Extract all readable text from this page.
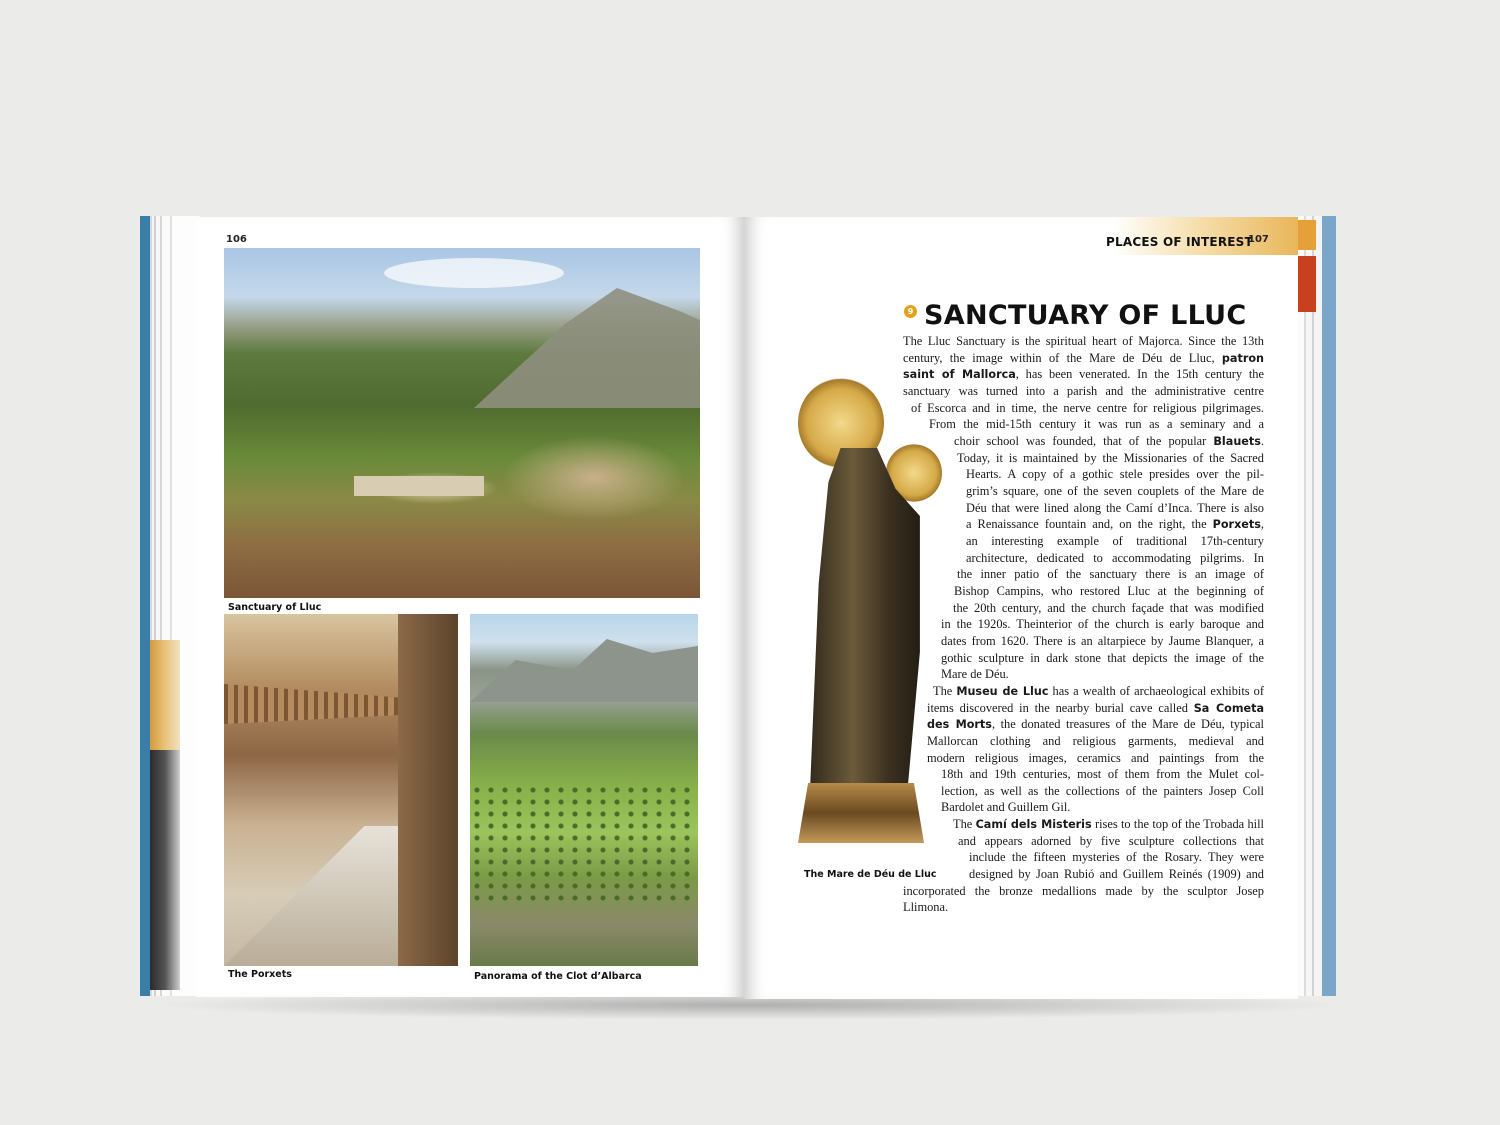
106
Sanctuary of Lluc
The Porxets	Panorama of the Clot d’Albarca
PLACES OF INTEREST
107
9 SANCTUARY OF LLUC
The Mare de Déu de Lluc
The Lluc Sanctuary is the spiritual heart of Majorca. Since the 13th
century, the image within of the Mare de Déu de Lluc, patron
saint of Mallorca, has been venerated. In the 15th century the
sanctuary was turned into a parish and the administrative centre
of Escorca and in time, the nerve centre for religious pilgrimages.
From the mid-15th century it was run as a seminary and a
choir school was founded, that of the popular Blauets.
Today, it is maintained by the Missionaries of the Sacred
Hearts. A copy of a gothic stele presides over the pil-
grim’s square, one of the seven couplets of the Mare de
Déu that were lined along the Camí d’Inca. There is also
a Renaissance fountain and, on the right, the Porxets,
an interesting example of traditional 17th-century
architecture, dedicated to accommodating pilgrims. In
the inner patio of the sanctuary there is an image of
Bishop Campins, who restored Lluc at the beginning of
the 20th century, and the church façade that was modified
in the 1920s. Theinterior of the church is early baroque and
dates from 1620. There is an altarpiece by Jaume Blanquer, a
gothic sculpture in dark stone that depicts the image of the
Mare de Déu.
The Museu de Lluc has a wealth of archaeological exhibits of
items discovered in the nearby burial cave called Sa Cometa
des Morts, the donated treasures of the Mare de Déu, typical
Mallorcan clothing and religious garments, medieval and
modern religious images, ceramics and paintings from the
18th and 19th centuries, most of them from the Mulet col-
lection, as well as the collections of the painters Josep Coll
Bardolet and Guillem Gil.
The Camí dels Misteris rises to the top of the Trobada hill
and appears adorned by five sculpture collections that
include the fifteen mysteries of the Rosary. They were
designed by Joan Rubió and Guillem Reinés (1909) and
incorporated the bronze medallions made by the sculptor Josep
Llimona.
